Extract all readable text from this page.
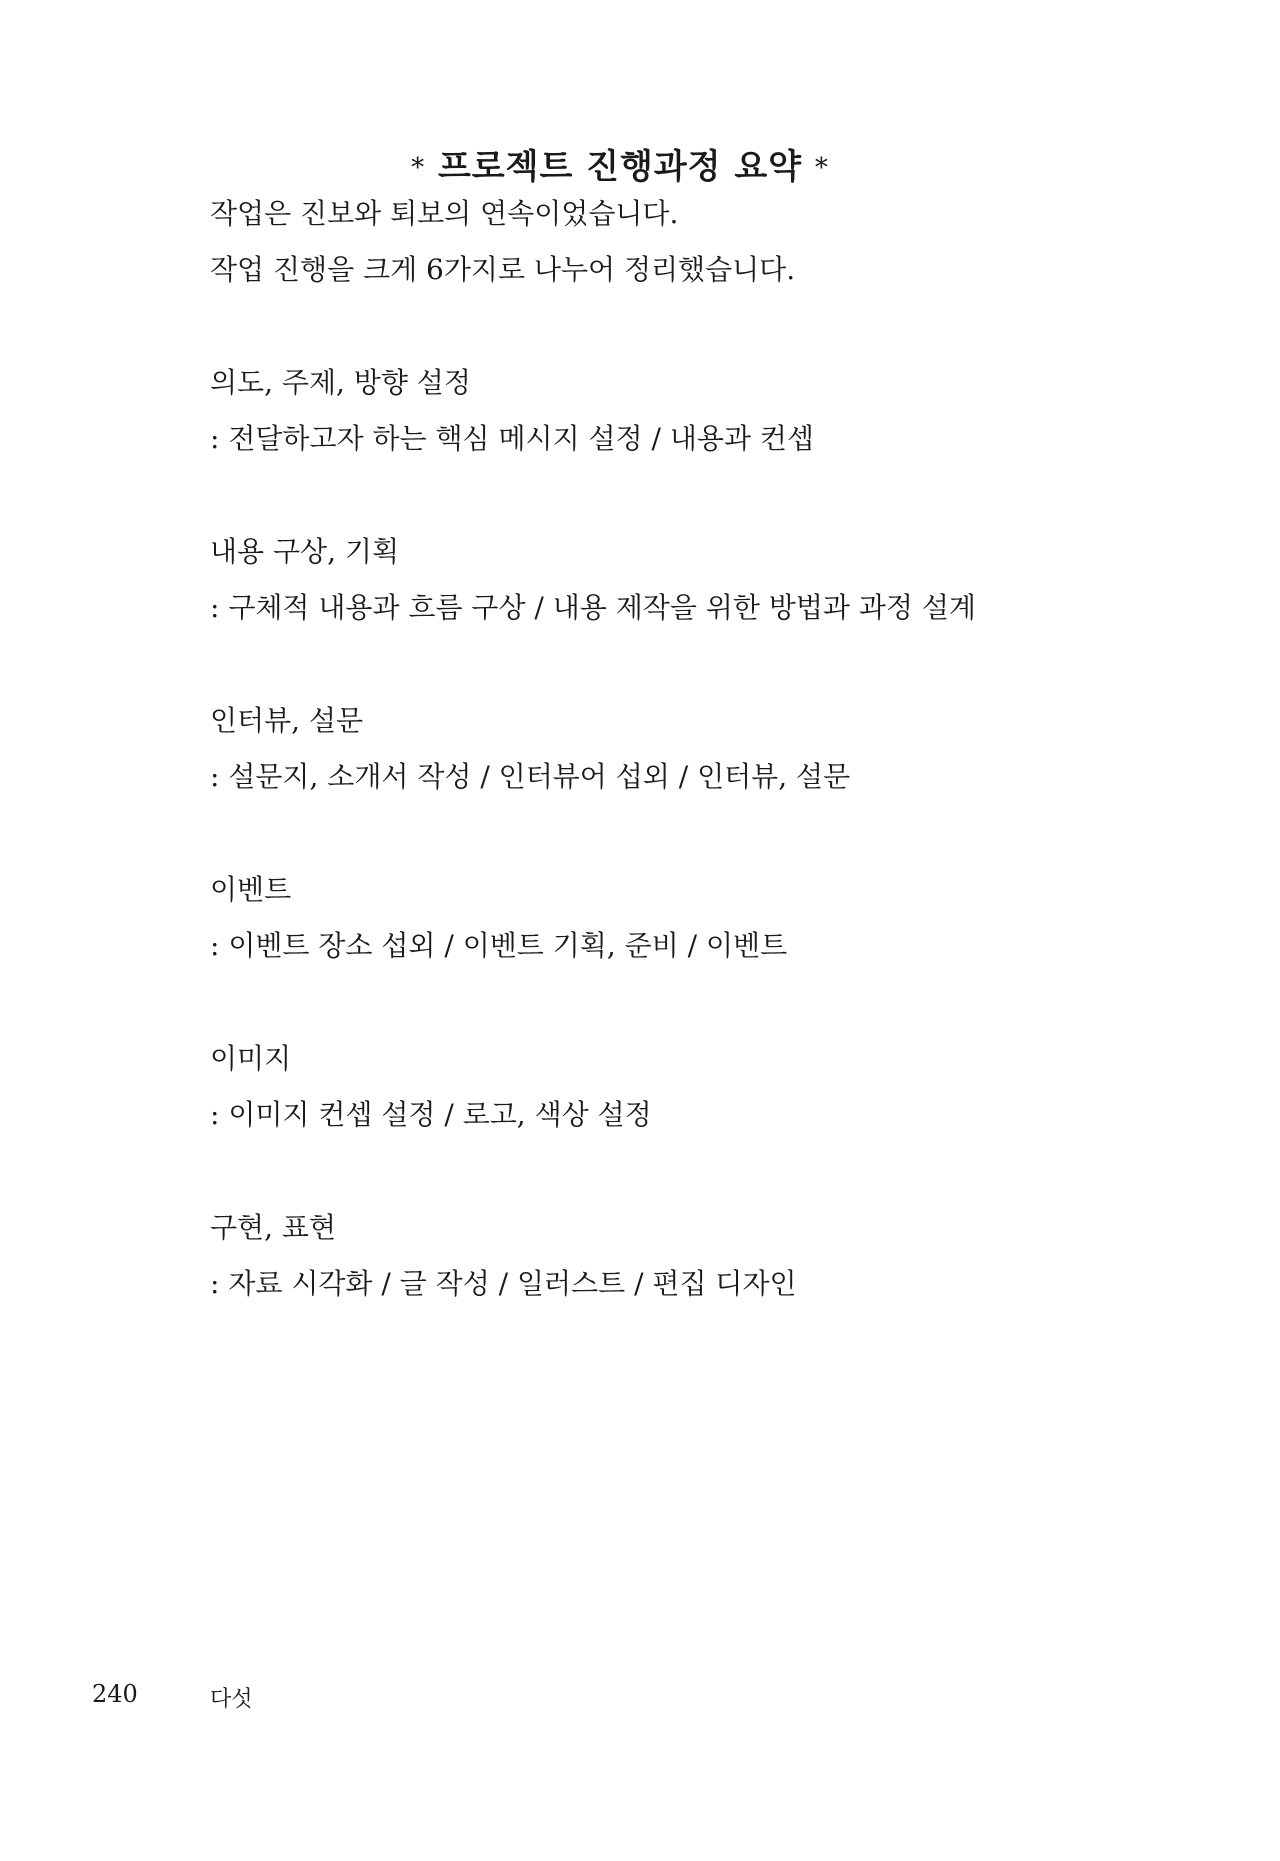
* 프로젝트 진행과정 요약 *

작업은 진보와 퇴보의 연속이었습니다.

작업 진행을 크게 6가지로 나누어 정리했습니다.

의도, 주제, 방향 설정

: 전달하고자 하는 핵심 메시지 설정 / 내용과 컨셉

내용 구상, 기획

: 구체적 내용과 흐름 구상 / 내용 제작을 위한 방법과 과정 설계

인터뷰, 설문

: 설문지, 소개서 작성 / 인터뷰어 섭외 / 인터뷰, 설문

이벤트

: 이벤트 장소 섭외 / 이벤트 기획, 준비 / 이벤트

이미지

: 이미지 컨셉 설정 / 로고, 색상 설정

구현, 표현

: 자료 시각화 / 글 작성 / 일러스트 / 편집 디자인

240	다섯
